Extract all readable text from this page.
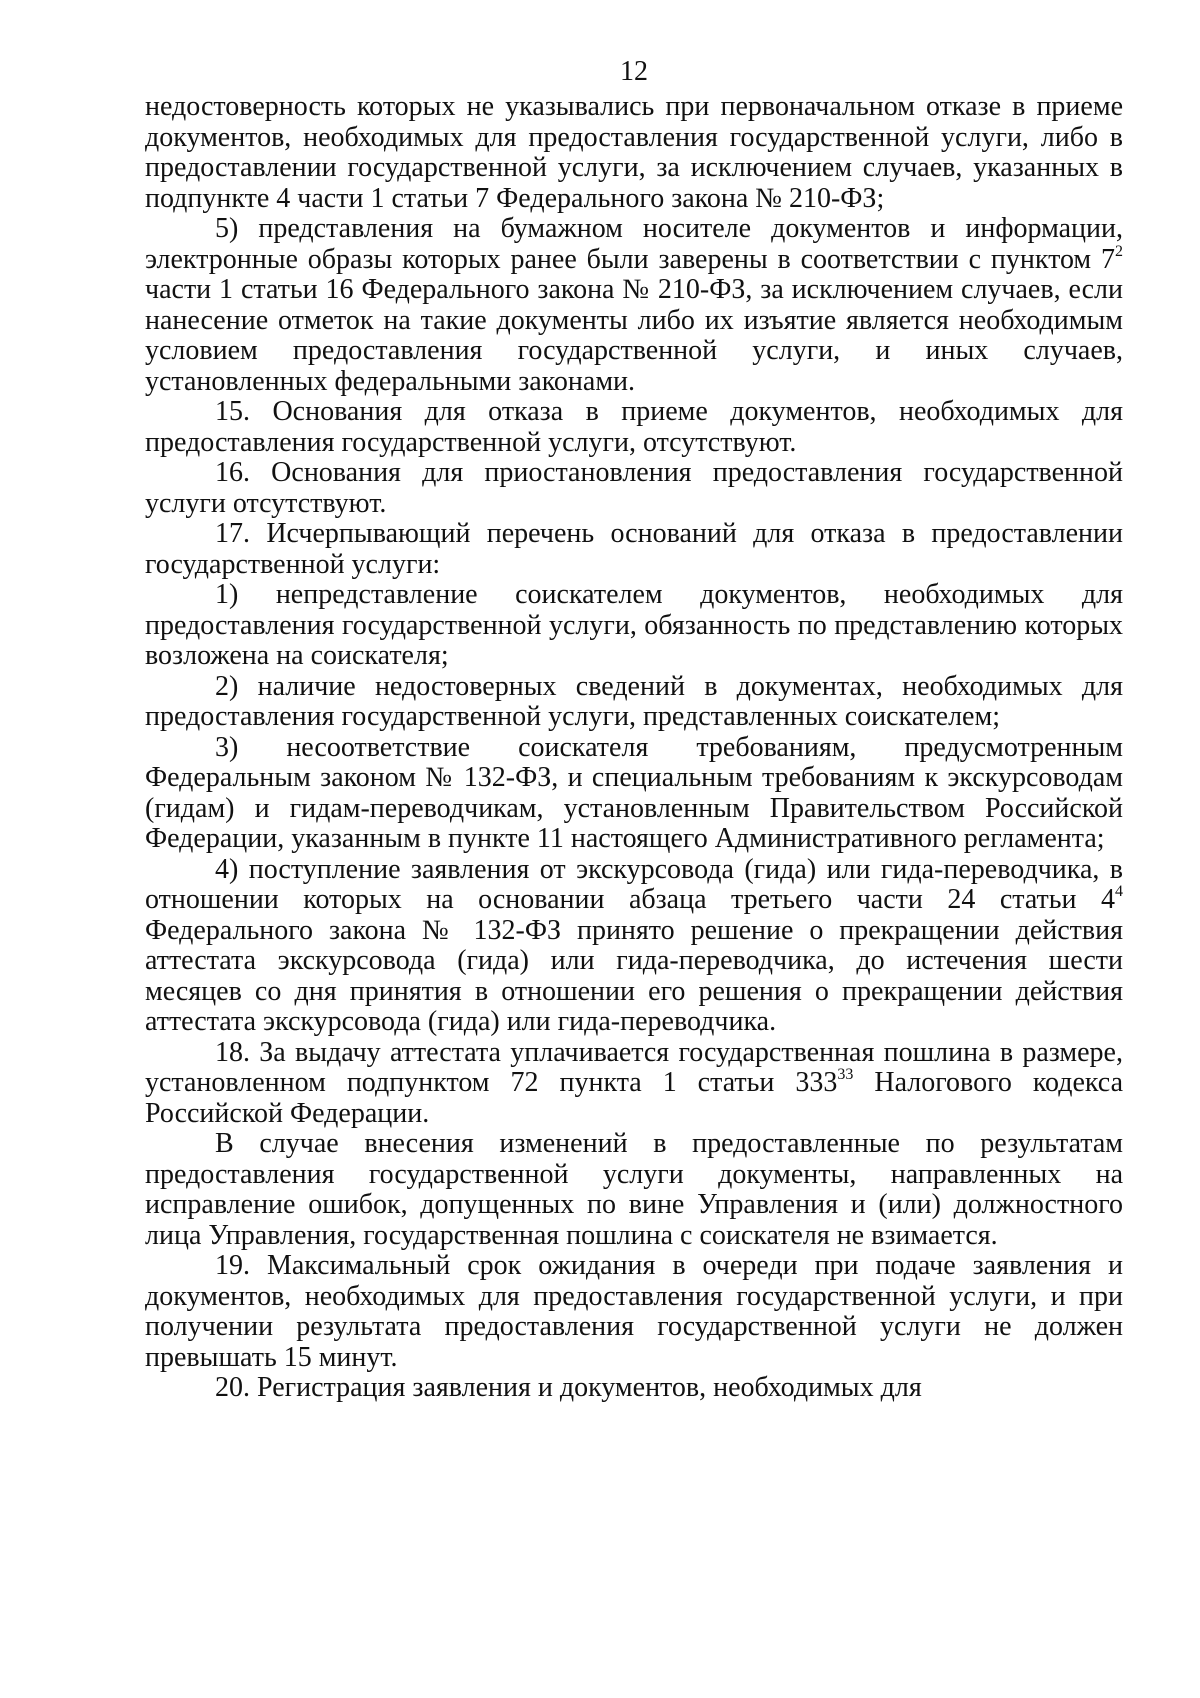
12

недостоверность которых не указывались при первоначальном отказе в приеме документов, необходимых для предоставления государственной услуги, либо в предоставлении государственной услуги, за исключением случаев, указанных в подпункте 4 части 1 статьи 7 Федерального закона № 210-ФЗ;

5) представления на бумажном носителе документов и информации, электронные образы которых ранее были заверены в соответствии с пунктом $7^2$ части 1 статьи 16 Федерального закона № 210-ФЗ, за исключением случаев, если нанесение отметок на такие документы либо их изъятие является необходимым условием предоставления государственной услуги, и иных случаев, установленных федеральными законами.

15. Основания для отказа в приеме документов, необходимых для предоставления государственной услуги, отсутствуют.

16. Основания для приостановления предоставления государственной услуги отсутствуют.

17. Исчерпывающий перечень оснований для отказа в предоставлении государственной услуги:

1) непредставление соискателем документов, необходимых для предоставления государственной услуги, обязанность по представлению которых возложена на соискателя;

2) наличие недостоверных сведений в документах, необходимых для предоставления государственной услуги, представленных соискателем;

3) несоответствие соискателя требованиям, предусмотренным Федеральным законом № 132-ФЗ, и специальным требованиям к экскурсоводам (гидам) и гидам-переводчикам, установленным Правительством Российской Федерации, указанным в пункте 11 настоящего Административного регламента;

4) поступление заявления от экскурсовода (гида) или гида-переводчика, в отношении которых на основании абзаца третьего части 24 статьи $4^4$ Федерального закона № 132-ФЗ принято решение о прекращении действия аттестата экскурсовода (гида) или гида-переводчика, до истечения шести месяцев со дня принятия в отношении его решения о прекращении действия аттестата экскурсовода (гида) или гида-переводчика.

18. За выдачу аттестата уплачивается государственная пошлина в размере, установленном подпунктом 72 пункта 1 статьи $333^{33}$ Налогового кодекса Российской Федерации.

В случае внесения изменений в предоставленные по результатам предоставления государственной услуги документы, направленных на исправление ошибок, допущенных по вине Управления и (или) должностного лица Управления, государственная пошлина с соискателя не взимается.

19. Максимальный срок ожидания в очереди при подаче заявления и документов, необходимых для предоставления государственной услуги, и при получении результата предоставления государственной услуги не должен превышать 15 минут.

20. Регистрация заявления и документов, необходимых для
